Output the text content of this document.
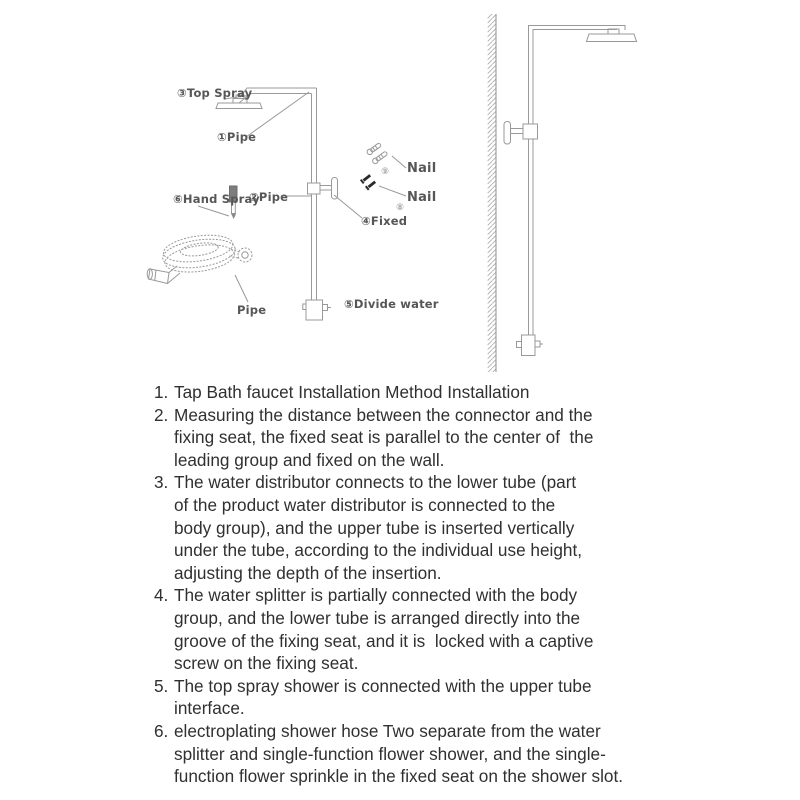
③Top Spray
①Pipe
②Pipe
⑥Hand Spray
④Fixed
⑤Divide water
Pipe
Nail
⑨
Nail
⑧
1. Tap Bath faucet Installation Method Installation
2. Measuring the distance between the connector and the
fixing seat, the fixed seat is parallel to the center of  the
leading group and fixed on the wall.
3. The water distributor connects to the lower tube (part
of the product water distributor is connected to the
body group), and the upper tube is inserted vertically
under the tube, according to the individual use height,
adjusting the depth of the insertion.
4. The water splitter is partially connected with the body
group, and the lower tube is arranged directly into the
groove of the fixing seat, and it is  locked with a captive
screw on the fixing seat.
5. The top spray shower is connected with the upper tube
interface.
6. electroplating shower hose Two separate from the water
splitter and single-function flower shower, and the single-
function flower sprinkle in the fixed seat on the shower slot.
